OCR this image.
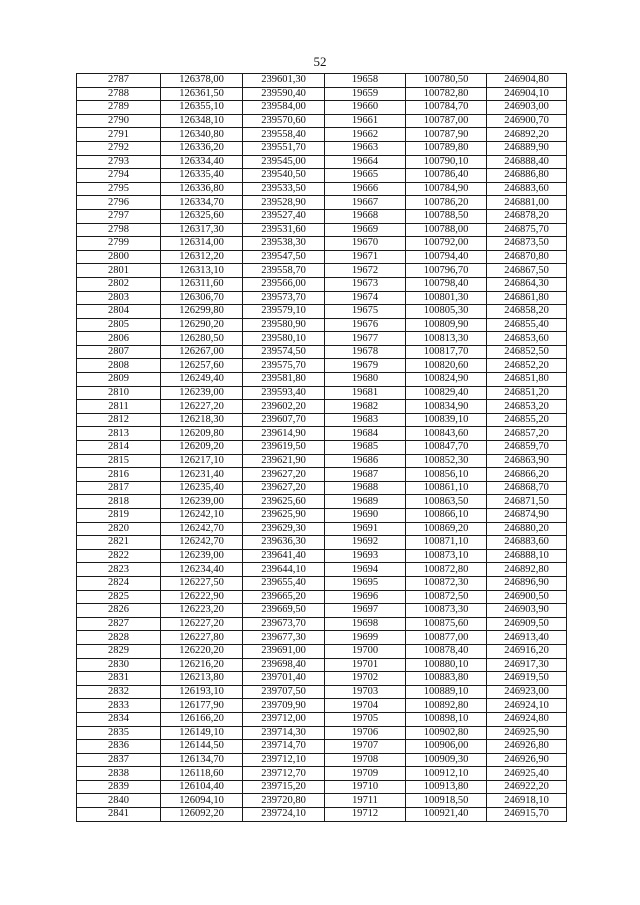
52
2787	126378,00	239601,30	19658	100780,50	246904,80
2788	126361,50	239590,40	19659	100782,80	246904,10
2789	126355,10	239584,00	19660	100784,70	246903,00
2790	126348,10	239570,60	19661	100787,00	246900,70
2791	126340,80	239558,40	19662	100787,90	246892,20
2792	126336,20	239551,70	19663	100789,80	246889,90
2793	126334,40	239545,00	19664	100790,10	246888,40
2794	126335,40	239540,50	19665	100786,40	246886,80
2795	126336,80	239533,50	19666	100784,90	246883,60
2796	126334,70	239528,90	19667	100786,20	246881,00
2797	126325,60	239527,40	19668	100788,50	246878,20
2798	126317,30	239531,60	19669	100788,00	246875,70
2799	126314,00	239538,30	19670	100792,00	246873,50
2800	126312,20	239547,50	19671	100794,40	246870,80
2801	126313,10	239558,70	19672	100796,70	246867,50
2802	126311,60	239566,00	19673	100798,40	246864,30
2803	126306,70	239573,70	19674	100801,30	246861,80
2804	126299,80	239579,10	19675	100805,30	246858,20
2805	126290,20	239580,90	19676	100809,90	246855,40
2806	126280,50	239580,10	19677	100813,30	246853,60
2807	126267,00	239574,50	19678	100817,70	246852,50
2808	126257,60	239575,70	19679	100820,60	246852,20
2809	126249,40	239581,80	19680	100824,90	246851,80
2810	126239,00	239593,40	19681	100829,40	246851,20
2811	126227,20	239602,20	19682	100834,90	246853,20
2812	126218,30	239607,70	19683	100839,10	246855,20
2813	126209,80	239614,90	19684	100843,60	246857,20
2814	126209,20	239619,50	19685	100847,70	246859,70
2815	126217,10	239621,90	19686	100852,30	246863,90
2816	126231,40	239627,20	19687	100856,10	246866,20
2817	126235,40	239627,20	19688	100861,10	246868,70
2818	126239,00	239625,60	19689	100863,50	246871,50
2819	126242,10	239625,90	19690	100866,10	246874,90
2820	126242,70	239629,30	19691	100869,20	246880,20
2821	126242,70	239636,30	19692	100871,10	246883,60
2822	126239,00	239641,40	19693	100873,10	246888,10
2823	126234,40	239644,10	19694	100872,80	246892,80
2824	126227,50	239655,40	19695	100872,30	246896,90
2825	126222,90	239665,20	19696	100872,50	246900,50
2826	126223,20	239669,50	19697	100873,30	246903,90
2827	126227,20	239673,70	19698	100875,60	246909,50
2828	126227,80	239677,30	19699	100877,00	246913,40
2829	126220,20	239691,00	19700	100878,40	246916,20
2830	126216,20	239698,40	19701	100880,10	246917,30
2831	126213,80	239701,40	19702	100883,80	246919,50
2832	126193,10	239707,50	19703	100889,10	246923,00
2833	126177,90	239709,90	19704	100892,80	246924,10
2834	126166,20	239712,00	19705	100898,10	246924,80
2835	126149,10	239714,30	19706	100902,80	246925,90
2836	126144,50	239714,70	19707	100906,00	246926,80
2837	126134,70	239712,10	19708	100909,30	246926,90
2838	126118,60	239712,70	19709	100912,10	246925,40
2839	126104,40	239715,20	19710	100913,80	246922,20
2840	126094,10	239720,80	19711	100918,50	246918,10
2841	126092,20	239724,10	19712	100921,40	246915,70
